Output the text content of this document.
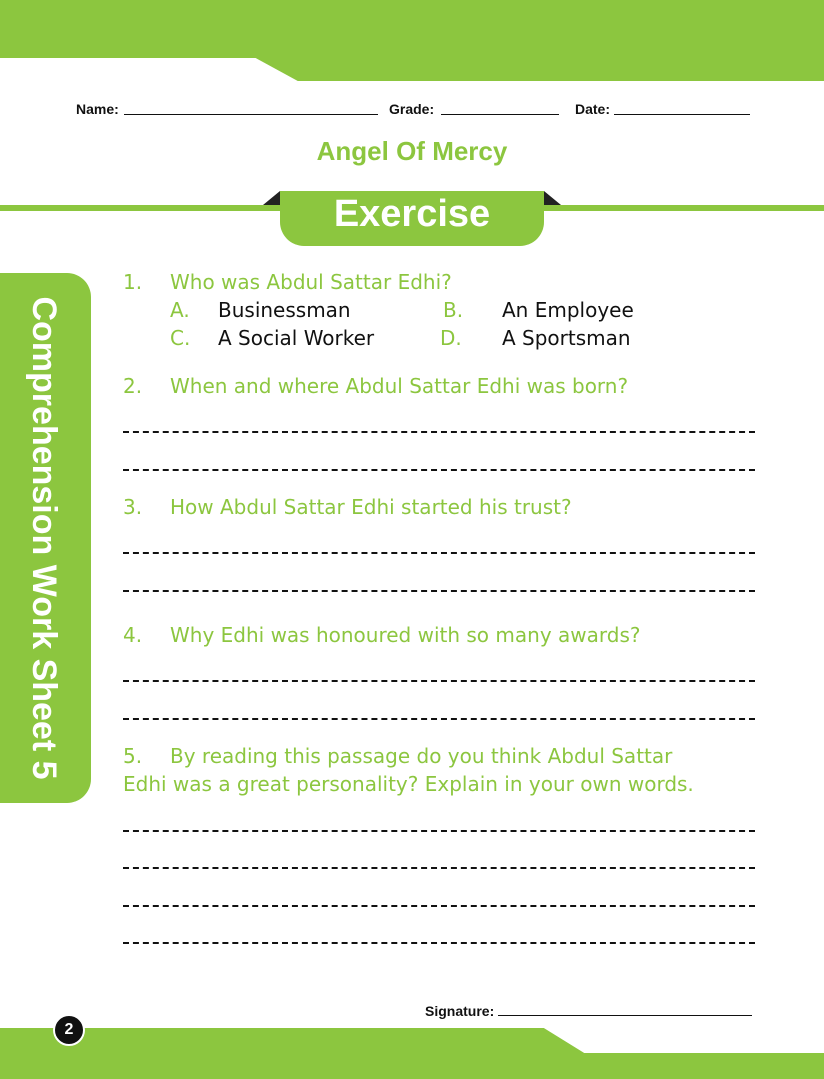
Name:	Grade:	Date:
Angel Of Mercy
Exercise
Comprehension Work Sheet 5
1. Who was Abdul Sattar Edhi?
A. Businessman	B. An Employee
C. A Social Worker	D. A Sportsman
2. When and where Abdul Sattar Edhi was born?
3. How Abdul Sattar Edhi started his trust?
4. Why Edhi was honoured with so many awards?
5. By reading this passage do you think Abdul Sattar
Edhi was a great personality? Explain in your own words.
Signature:
2
